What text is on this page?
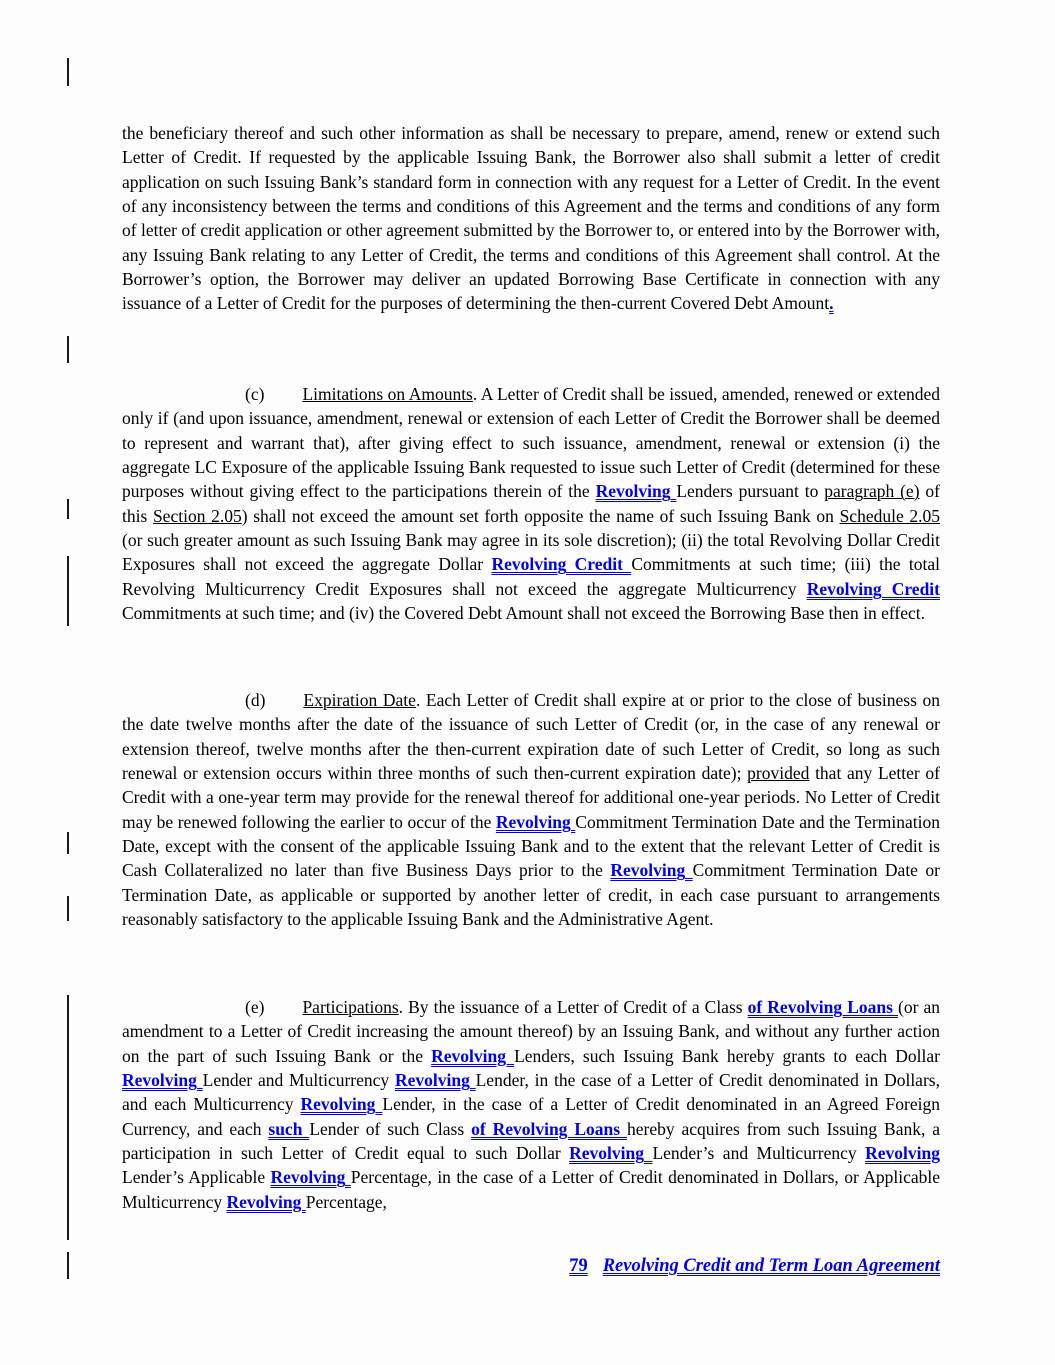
the beneficiary thereof and such other information as shall be necessary to prepare, amend, renew or extend such Letter of Credit. If requested by the applicable Issuing Bank, the Borrower also shall submit a letter of credit application on such Issuing Bank’s standard form in connection with any request for a Letter of Credit. In the event of any inconsistency between the terms and conditions of this Agreement and the terms and conditions of any form of letter of credit application or other agreement submitted by the Borrower to, or entered into by the Borrower with, any Issuing Bank relating to any Letter of Credit, the terms and conditions of this Agreement shall control. At the Borrower’s option, the Borrower may deliver an updated Borrowing Base Certificate in connection with any issuance of a Letter of Credit for the purposes of determining the then-current Covered Debt Amount.

(c) Limitations on Amounts. A Letter of Credit shall be issued, amended, renewed or extended only if (and upon issuance, amendment, renewal or extension of each Letter of Credit the Borrower shall be deemed to represent and warrant that), after giving effect to such issuance, amendment, renewal or extension (i) the aggregate LC Exposure of the applicable Issuing Bank requested to issue such Letter of Credit (determined for these purposes without giving effect to the participations therein of the Revolving Lenders pursuant to paragraph (e) of this Section 2.05) shall not exceed the amount set forth opposite the name of such Issuing Bank on Schedule 2.05 (or such greater amount as such Issuing Bank may agree in its sole discretion); (ii) the total Revolving Dollar Credit Exposures shall not exceed the aggregate Dollar Revolving Credit Commitments at such time; (iii) the total Revolving Multicurrency Credit Exposures shall not exceed the aggregate Multicurrency Revolving Credit Commitments at such time; and (iv) the Covered Debt Amount shall not exceed the Borrowing Base then in effect.

(d) Expiration Date. Each Letter of Credit shall expire at or prior to the close of business on the date twelve months after the date of the issuance of such Letter of Credit (or, in the case of any renewal or extension thereof, twelve months after the then-current expiration date of such Letter of Credit, so long as such renewal or extension occurs within three months of such then-current expiration date); provided that any Letter of Credit with a one-year term may provide for the renewal thereof for additional one-year periods. No Letter of Credit may be renewed following the earlier to occur of the Revolving Commitment Termination Date and the Termination Date, except with the consent of the applicable Issuing Bank and to the extent that the relevant Letter of Credit is Cash Collateralized no later than five Business Days prior to the Revolving Commitment Termination Date or Termination Date, as applicable or supported by another letter of credit, in each case pursuant to arrangements reasonably satisfactory to the applicable Issuing Bank and the Administrative Agent.

(e) Participations. By the issuance of a Letter of Credit of a Class of Revolving Loans (or an amendment to a Letter of Credit increasing the amount thereof) by an Issuing Bank, and without any further action on the part of such Issuing Bank or the Revolving Lenders, such Issuing Bank hereby grants to each Dollar Revolving Lender and Multicurrency Revolving Lender, in the case of a Letter of Credit denominated in Dollars, and each Multicurrency Revolving Lender, in the case of a Letter of Credit denominated in an Agreed Foreign Currency, and each such Lender of such Class of Revolving Loans hereby acquires from such Issuing Bank, a participation in such Letter of Credit equal to such Dollar Revolving Lender’s and Multicurrency Revolving Lender’s Applicable Revolving Percentage, in the case of a Letter of Credit denominated in Dollars, or Applicable Multicurrency Revolving Percentage,

79 Revolving Credit and Term Loan Agreement
